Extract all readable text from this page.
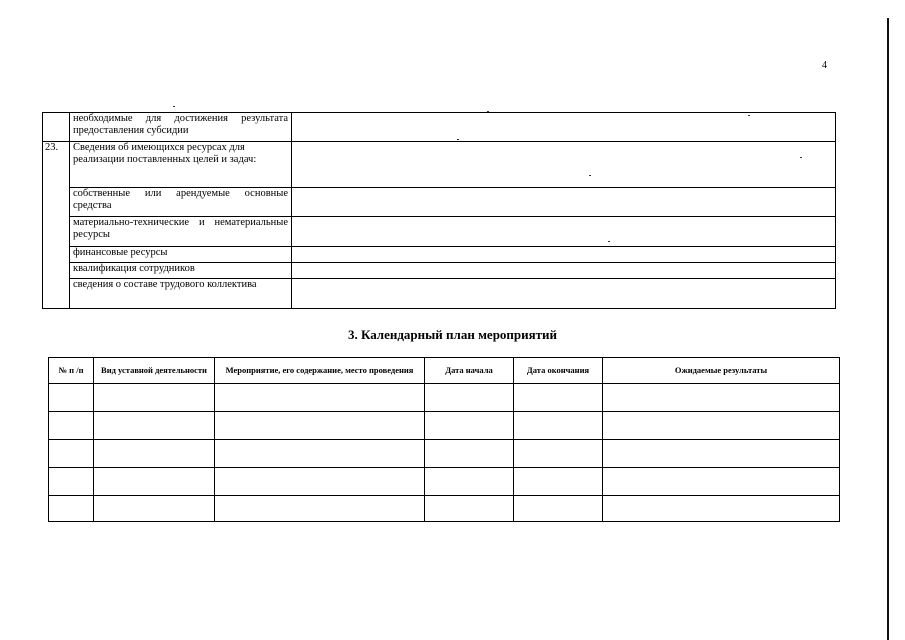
4
	необходимые для достижения результата предоставления субсидии	
23.	Сведения об имеющихся ресурсах для реализации поставленных целей и задач:	
	собственные или арендуемые основные средства	
	материально-технические и нематериальные ресурсы	
	финансовые ресурсы	
	квалификация сотрудников	
	сведения о составе трудового коллектива	
3. Календарный план мероприятий
№ п /п	Вид уставной деятельности	Мероприятие, его содержание, место проведения	Дата начала	Дата окончания	Ожидаемые результаты
